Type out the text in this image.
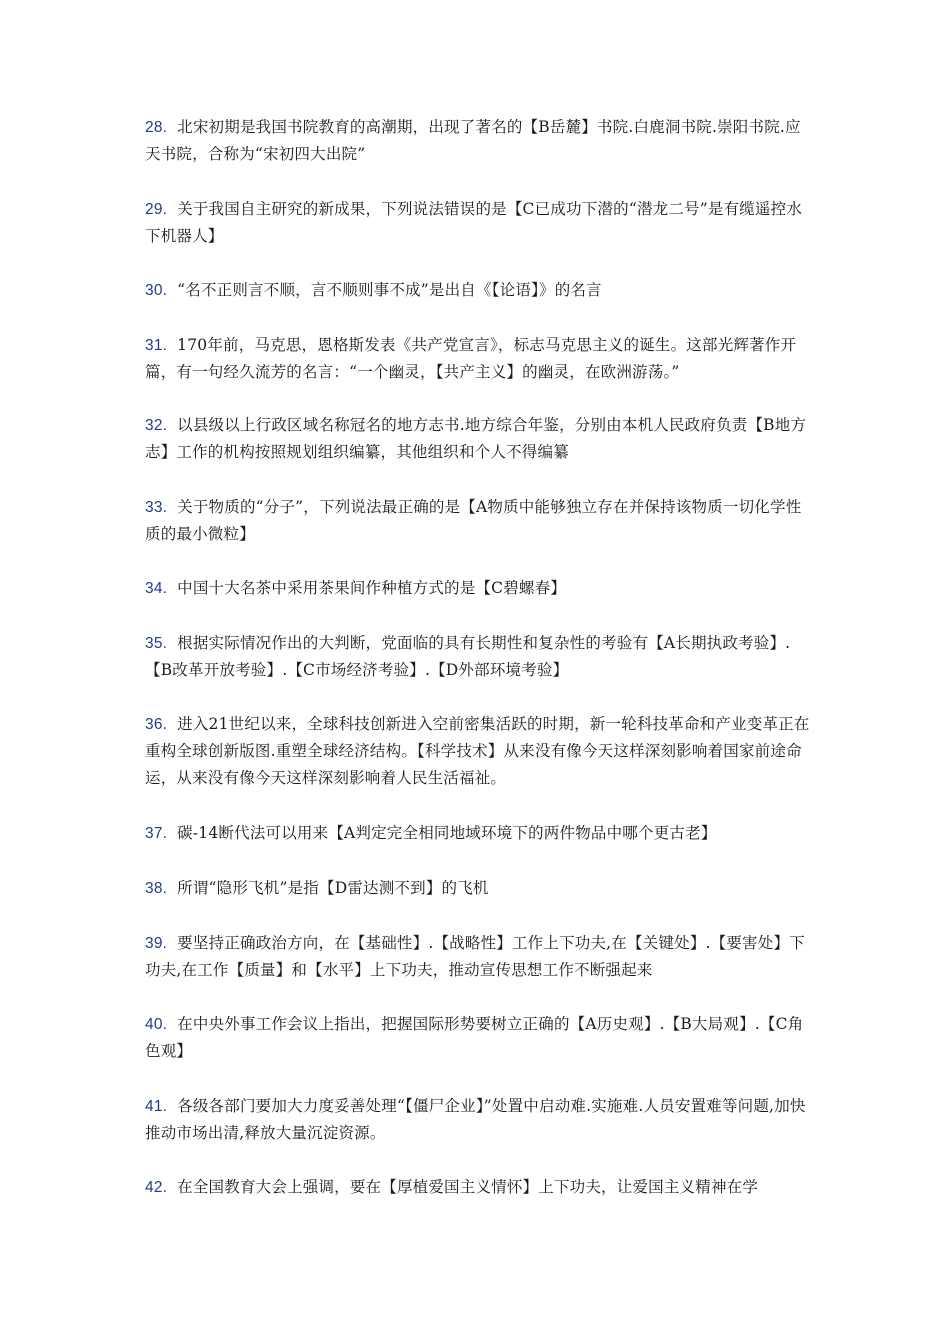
28. 北宋初期是我国书院教育的高潮期，出现了著名的【B岳麓】书院.白鹿洞书院.崇阳书院.应天书院，合称为“宋初四大出院”

29. 关于我国自主研究的新成果，下列说法错误的是【C已成功下潜的“潜龙二号”是有缆遥控水下机器人】

30. “名不正则言不顺，言不顺则事不成”是出自《【论语】》的名言

31. 170年前，马克思，恩格斯发表《共产党宣言》，标志马克思主义的诞生。这部光辉著作开篇，有一句经久流芳的名言：“一个幽灵，【共产主义】的幽灵，在欧洲游荡。”

32. 以县级以上行政区域名称冠名的地方志书.地方综合年鉴，分别由本机人民政府负责【B地方志】工作的机构按照规划组织编纂，其他组织和个人不得编纂

33. 关于物质的“分子”，下列说法最正确的是【A物质中能够独立存在并保持该物质一切化学性质的最小微粒】

34. 中国十大名茶中采用茶果间作种植方式的是【C碧螺春】

35. 根据实际情况作出的大判断，党面临的具有长期性和复杂性的考验有【A长期执政考验】.【B改革开放考验】.【C市场经济考验】.【D外部环境考验】

36. 进入21世纪以来，全球科技创新进入空前密集活跃的时期，新一轮科技革命和产业变革正在重构全球创新版图.重塑全球经济结构。【科学技术】从来没有像今天这样深刻影响着国家前途命运，从来没有像今天这样深刻影响着人民生活福祉。

37. 碳-14断代法可以用来【A判定完全相同地域环境下的两件物品中哪个更古老】

38. 所谓“隐形飞机”是指【D雷达测不到】的飞机

39. 要坚持正确政治方向，在【基础性】.【战略性】工作上下功夫,在【关键处】.【要害处】下功夫,在工作【质量】和【水平】上下功夫，推动宣传思想工作不断强起来

40. 在中央外事工作会议上指出，把握国际形势要树立正确的【A历史观】.【B大局观】.【C角色观】

41. 各级各部门要加大力度妥善处理“【僵尸企业】”处置中启动难.实施难.人员安置难等问题,加快推动市场出清,释放大量沉淀资源。

42. 在全国教育大会上强调，要在【厚植爱国主义情怀】上下功夫，让爱国主义精神在学
